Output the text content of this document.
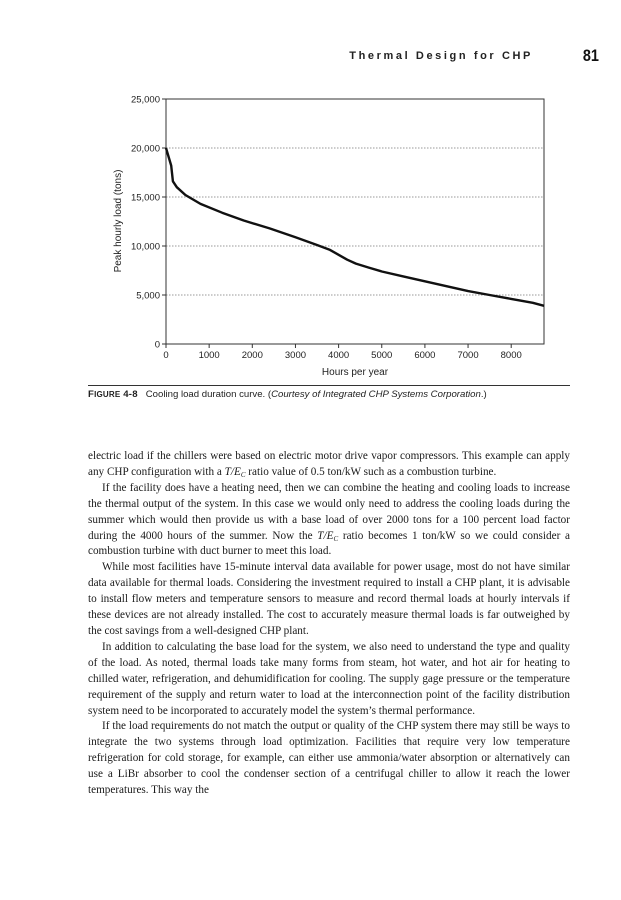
Thermal Design for CHP	81
0
5,000
10,000
15,000
20,000
25,000
0	1000 2000 3000 4000 5000 6000 7000 8000
Hours per year
Peak hourly load (tons)
FIGURE 4-8 Cooling load duration curve. (Courtesy of Integrated CHP Systems Corporation.)

electric load if the chillers were based on electric motor drive vapor compressors. This example can apply any CHP configuration with a $T/E_C$ ratio value of 0.5 ton/kW such as a combustion turbine.

If the facility does have a heating need, then we can combine the heating and cooling loads to increase the thermal output of the system. In this case we would only need to address the cooling loads during the summer which would then provide us with a base load of over 2000 tons for a 100 percent load factor during the 4000 hours of the summer. Now the $T/E_C$ ratio becomes 1 ton/kW so we could consider a combustion turbine with duct burner to meet this load.

While most facilities have 15-minute interval data available for power usage, most do not have similar data available for thermal loads. Considering the investment required to install a CHP plant, it is advisable to install flow meters and temperature sensors to measure and record thermal loads at hourly intervals if these devices are not already installed. The cost to accurately measure thermal loads is far outweighed by the cost savings from a well-designed CHP plant.

In addition to calculating the base load for the system, we also need to understand the type and quality of the load. As noted, thermal loads take many forms from steam, hot water, and hot air for heating to chilled water, refrigeration, and dehumidification for cooling. The supply gage pressure or the temperature requirement of the supply and return water to load at the interconnection point of the facility distribution system need to be incorporated to accurately model the system’s thermal performance.

If the load requirements do not match the output or quality of the CHP system there may still be ways to integrate the two systems through load optimization. Facilities that require very low temperature refrigeration for cold storage, for example, can either use ammonia/water absorption or alternatively can use a LiBr absorber to cool the condenser section of a centrifugal chiller to allow it reach the lower temperatures. This way the
